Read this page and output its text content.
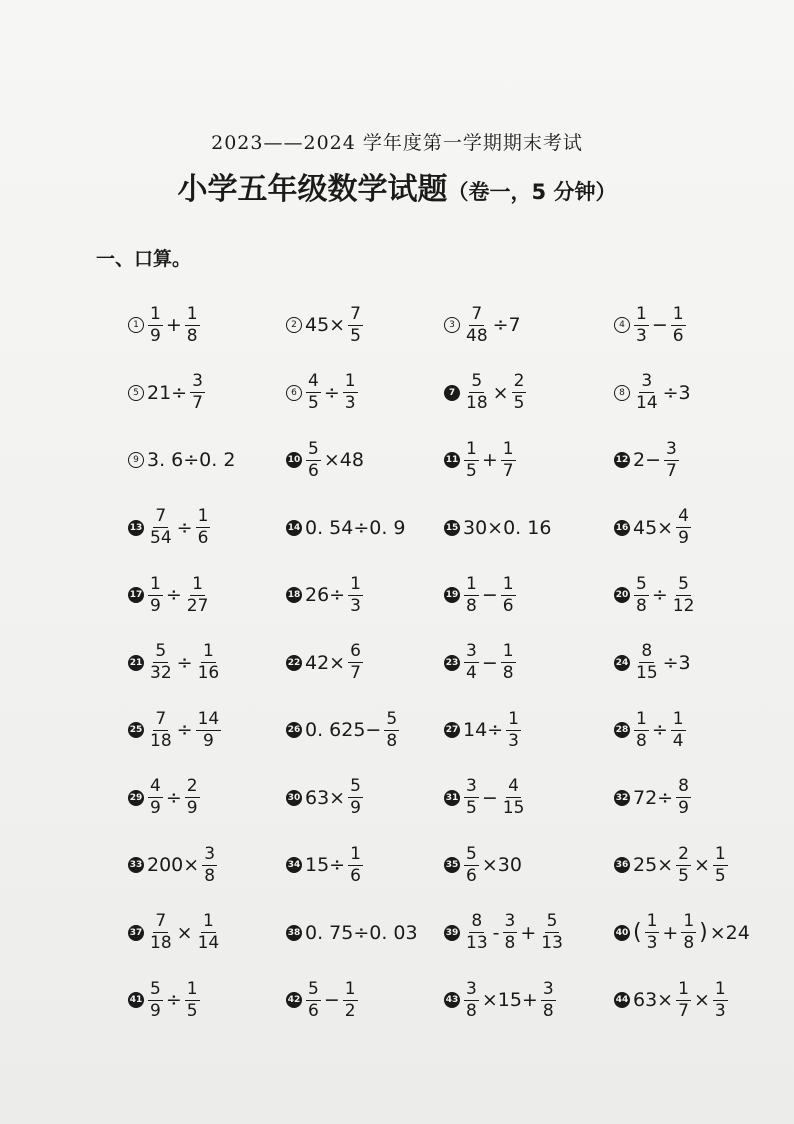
2023——2024 学年度第一学期期末考试
小学五年级数学试题（卷一，5 分钟）
一、口算。
$1 \frac{1}{9} + \frac{1}{8}$	2 $45\times \frac{7}{5}$	$3 \frac{7}{48} \div 7$	$4 \frac{1}{3} - \frac{1}{6}$
5 $21\div \frac{3}{7}$	$6 \frac{4}{5} \div \frac{1}{3}$	$7 \frac{5}{18} \times \frac{2}{5}$	$8 \frac{3}{14} \div 3$
9 3. 6÷0. 2	$10 \frac{5}{6} \times 48$	$11 \frac{1}{5} + \frac{1}{7}$	12 $2- \frac{3}{7}$
$13 \frac{7}{54} \div \frac{1}{6}$	14 0. 54÷0. 9	15 30×0. 16	16 $45\times \frac{4}{9}$
$17 \frac{1}{9} \div \frac{1}{27}$	18 $26\div \frac{1}{3}$	$19 \frac{1}{8} - \frac{1}{6}$	$20 \frac{5}{8} \div \frac{5}{12}$
$21 \frac{5}{32} \div \frac{1}{16}$	22 $42\times \frac{6}{7}$	$23 \frac{3}{4} - \frac{1}{8}$	$24 \frac{8}{15} \div 3$
$25 \frac{7}{18} \div \frac{14}{9}$	26 0. $625- \frac{5}{8}$	27 $14\div \frac{1}{3}$	$28 \frac{1}{8} \div \frac{1}{4}$
$29 \frac{4}{9} \div \frac{2}{9}$	30 $63\times \frac{5}{9}$	$31 \frac{3}{5} - \frac{4}{15}$	32 $72\div \frac{8}{9}$
33 $200\times \frac{3}{8}$	34 $15\div \frac{1}{6}$	$35 \frac{5}{6} \times 30$	36 $25\times \frac{2}{5} \times \frac{1}{5}$
$37 \frac{7}{18} \times \frac{1}{14}$	38 0. 75÷0. 03	$39 \frac{8}{13} - \frac{3}{8} + \frac{5}{13}$	40 ( $\frac{1}{3} + \frac{1}{8}$ ) ×24
$41 \frac{5}{9} \div \frac{1}{5}$	$42 \frac{5}{6} - \frac{1}{2}$	$43 \frac{3}{8} \times 15+ \frac{3}{8}$	44 $63\times \frac{1}{7} \times \frac{1}{3}$
